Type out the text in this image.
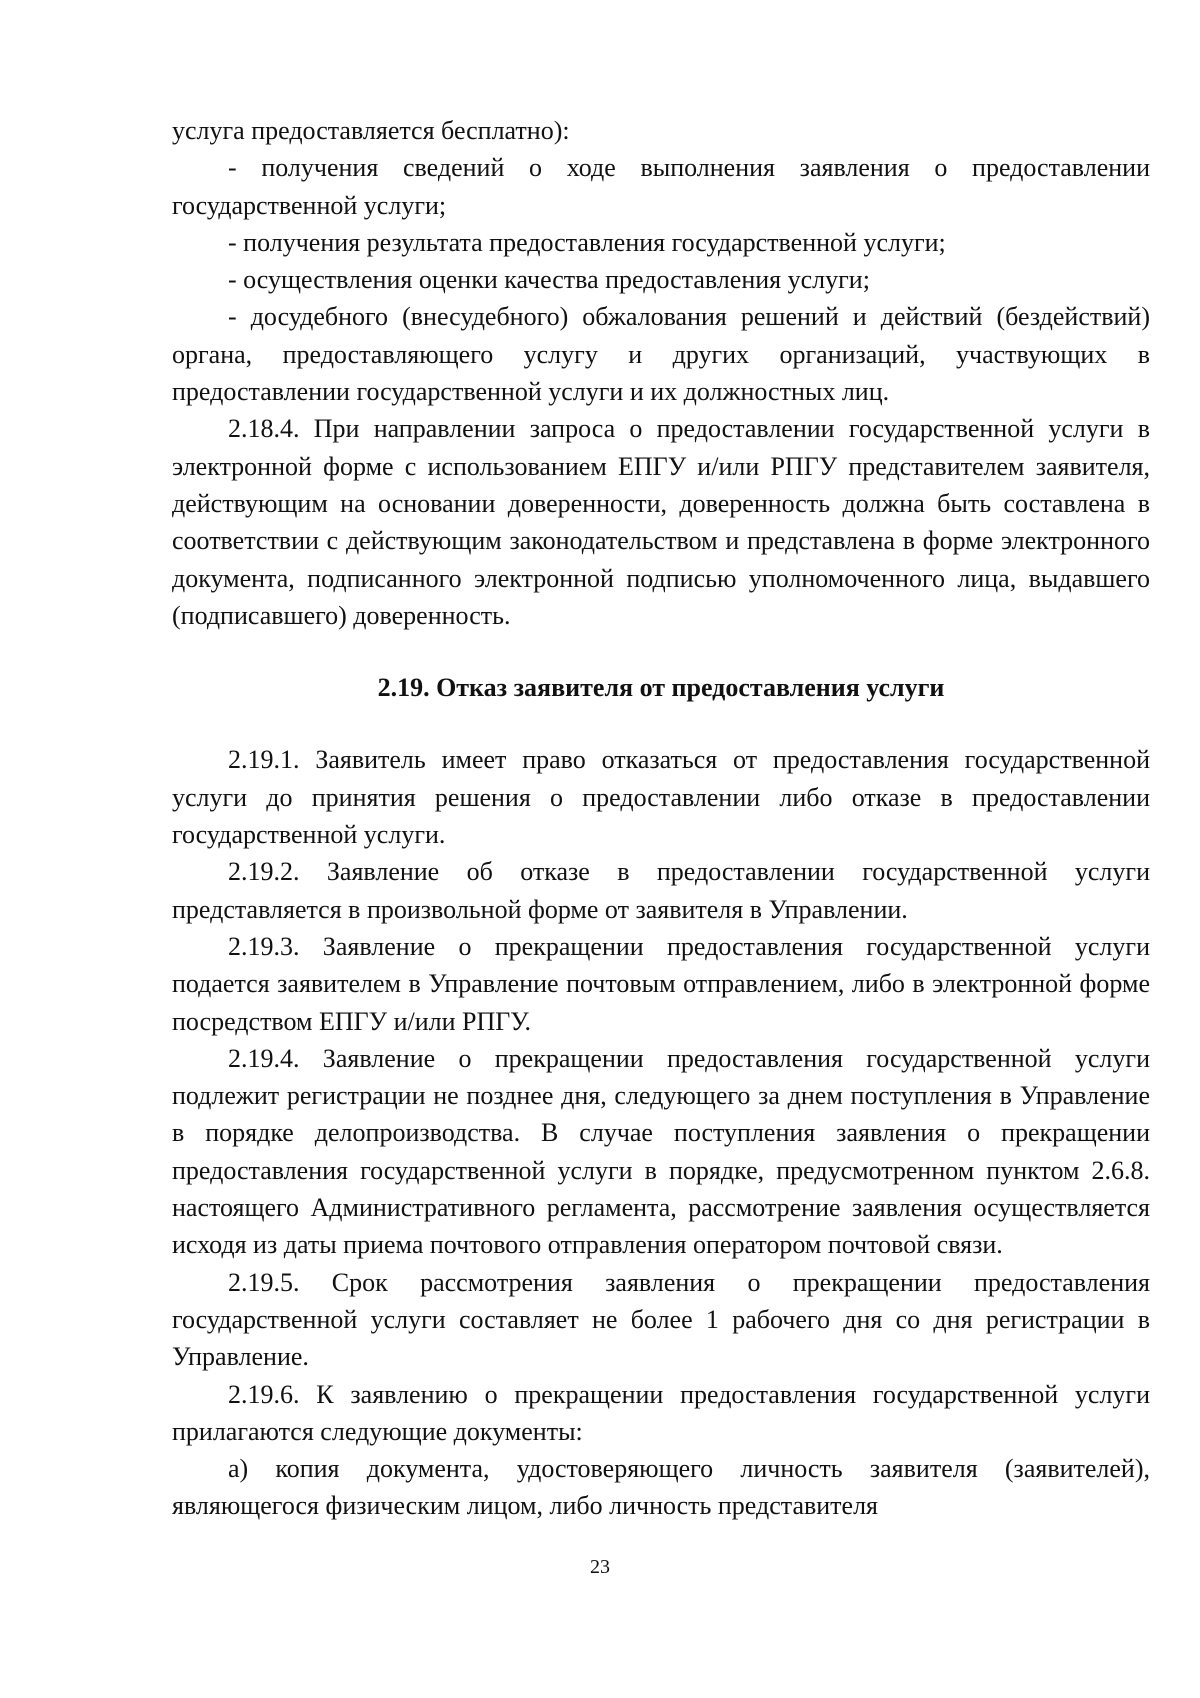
услуга предоставляется бесплатно):

- получения сведений о ходе выполнения заявления о предоставлении государственной услуги;

- получения результата предоставления государственной услуги;

- осуществления оценки качества предоставления услуги;

- досудебного (внесудебного) обжалования решений и действий (бездействий) органа, предоставляющего услугу и других организаций, участвующих в предоставлении государственной услуги и их должностных лиц.

2.18.4. При направлении запроса о предоставлении государственной услуги в электронной форме с использованием ЕПГУ и/или РПГУ представителем заявителя, действующим на основании доверенности, доверенность должна быть составлена в соответствии с действующим законодательством и представлена в форме электронного документа, подписанного электронной подписью уполномоченного лица, выдавшего (подписавшего) доверенность.

2.19. Отказ заявителя от предоставления услуги

2.19.1. Заявитель имеет право отказаться от предоставления государственной услуги до принятия решения о предоставлении либо отказе в предоставлении государственной услуги.

2.19.2. Заявление об отказе в предоставлении государственной услуги представляется в произвольной форме от заявителя в Управлении.

2.19.3. Заявление о прекращении предоставления государственной услуги подается заявителем в Управление почтовым отправлением, либо в электронной форме посредством ЕПГУ и/или РПГУ.

2.19.4. Заявление о прекращении предоставления государственной услуги подлежит регистрации не позднее дня, следующего за днем поступления в Управление в порядке делопроизводства. В случае поступления заявления о прекращении предоставления государственной услуги в порядке, предусмотренном пунктом 2.6.8. настоящего Административного регламента, рассмотрение заявления осуществляется исходя из даты приема почтового отправления оператором почтовой связи.

2.19.5. Срок рассмотрения заявления о прекращении предоставления государственной услуги составляет не более 1 рабочего дня со дня регистрации в Управление.

2.19.6. К заявлению о прекращении предоставления государственной услуги прилагаются следующие документы:

а) копия документа, удостоверяющего личность заявителя (заявителей), являющегося физическим лицом, либо личность представителя

23
